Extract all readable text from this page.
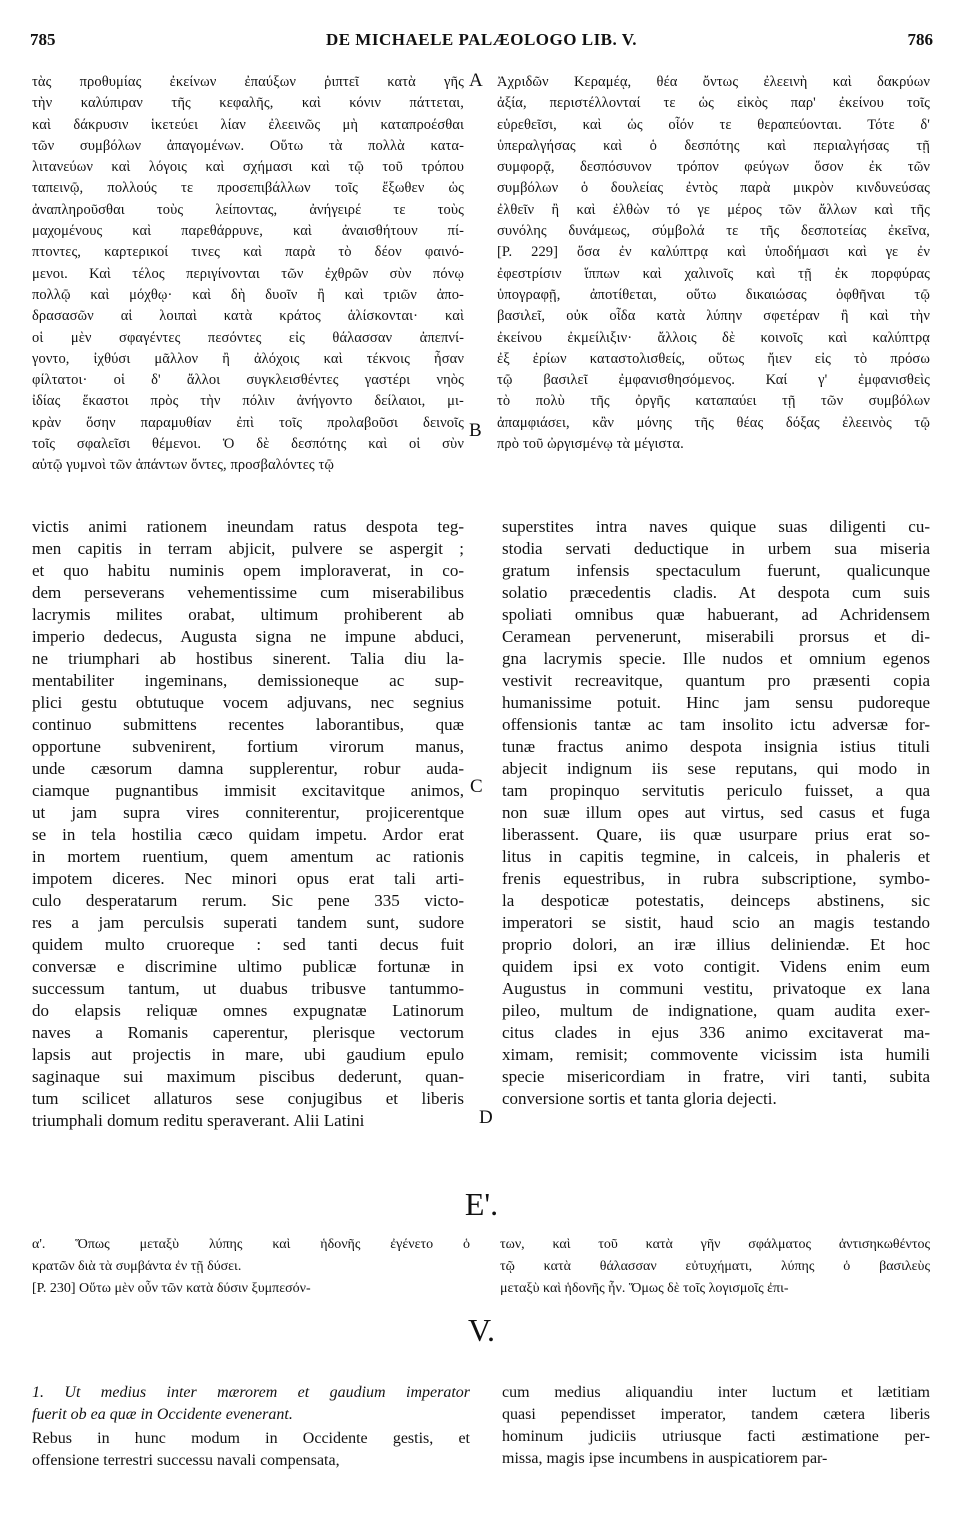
785	DE MICHAELE PALÆOLOGO LIB. V.	786
τὰς προθυμίας ἐκείνων ἐπαύξων ῥιπτεῖ κατὰ γῆς
τὴν καλύπιραν τῆς κεφαλῆς, καὶ κόνιν πάττεται,
καὶ δάκρυσιν ἱκετεύει λίαν ἐλεεινῶς μὴ καταπροέσθαι
τῶν συμβόλων ἀπαγομένων. Οὕτω τὰ πολλὰ κατα-
λιτανεύων καὶ λόγοις καὶ σχήμασι καὶ τῷ τοῦ τρόπου
ταπεινῷ, πολλούς τε προσεπιβάλλων τοῖς ἔξωθεν ὡς
ἀναπληροῦσθαι τοὺς λείποντας, ἀνήγειρέ τε τοὺς
μαχομένους καὶ παρεθάρρυνε, καὶ ἀναισθήτουν πί-
πτοντες, καρτερικοί τινες καὶ παρὰ τὸ δέον φαινό-
μενοι. Καὶ τέλος περιγίνονται τῶν ἐχθρῶν σὺν πόνῳ
πολλῷ καὶ μόχθῳ· καὶ δὴ δυοῖν ἢ καὶ τριῶν ἀπο-
δρασασῶν αἱ λοιπαὶ κατὰ κράτος ἁλίσκονται· καὶ
οἱ μὲν σφαγέντες πεσόντες εἰς θάλασσαν ἀπεπνί-
γοντο, ἰχθύσι μᾶλλον ἢ ἀλόχοις καὶ τέκνοις ἦσαν
φίλτατοι· οἱ δ' ἄλλοι συγκλεισθέντες γαστέρι νηὸς
ἰδίας ἕκαστοι πρὸς τὴν πόλιν ἀνήγοντο δείλαιοι, μι-
κρὰν ὅσην παραμυθίαν ἐπὶ τοῖς προλαβοῦσι δεινοῖς
τοῖς σφαλεῖσι θέμενοι. Ὁ δὲ δεσπότης καὶ οἱ σὺν
αὐτῷ γυμνοὶ τῶν ἁπάντων ὄντες, προσβαλόντες τῷ
Ἀχριδῶν Κεραμέᾳ, θέα ὄντως ἐλεεινὴ καὶ δακρύων
ἀξία, περιστέλλονταί τε ὡς εἰκὸς παρ' ἐκείνου τοῖς
εὑρεθεῖσι, καὶ ὡς οἷόν τε θεραπεύονται. Τότε δ'
ὑπεραλγήσας καὶ ὁ δεσπότης καὶ περιαλγήσας τῇ
συμφορᾷ, δεσπόσυνον τρόπον φεύγων ὅσον ἐκ τῶν
συμβόλων ὁ δουλείας ἐντὸς παρὰ μικρὸν κινδυνεύσας
ἐλθεῖν ἢ καὶ ἐλθὼν τό γε μέρος τῶν ἄλλων καὶ τῆς
συνόλης δυνάμεως, σύμβολά τε τῆς δεσποτείας ἐκεῖνα,
[P. 229] ὅσα ἐν καλύπτρᾳ καὶ ὑποδήμασι καὶ γε ἐν
ἐφεστρίσιν ἵππων καὶ χαλινοῖς καὶ τῇ ἐκ πορφύρας
ὑπογραφῇ, ἀποτίθεται, οὕτω δικαιώσας ὀφθῆναι τῷ
βασιλεῖ, οὐκ οἶδα κατὰ λύπην σφετέραν ἢ καὶ τὴν
ἐκείνου ἐκμείλιξιν· ἄλλοις δὲ κοινοῖς καὶ καλύπτρᾳ
ἐξ ἐρίων καταστολισθείς, οὕτως ἤιεν εἰς τὸ πρόσω
τῷ βασιλεῖ ἐμφανισθησόμενος. Καί γ' ἐμφανισθεὶς
τὸ πολὺ τῆς ὀργῆς καταπαύει τῇ τῶν συμβόλων
ἀπαμφιάσει, κἂν μόνης τῆς θέας δόξας ἐλεεινὸς τῷ
πρὸ τοῦ ὠργισμένῳ τὰ μέγιστα.
A
B
victis animi rationem ineundam ratus despota teg-
men capitis in terram abjicit, pulvere se aspergit ;
et quo habitu numinis opem imploraverat, in co-
dem perseverans vehementissime cum miserabilibus
lacrymis milites orabat, ultimum prohiberent ab
imperio dedecus, Augusta signa ne impune abduci,
ne triumphari ab hostibus sinerent. Talia diu la-
mentabiliter ingeminans, demissioneque ac sup-
plici gestu obtutuque vocem adjuvans, nec segnius
continuo submittens recentes laborantibus, quæ
opportune subvenirent, fortium virorum manus,
unde cæsorum damna supplerentur, robur auda-
ciamque pugnantibus immisit excitavitque animos,
ut jam supra vires conniterentur, projicerentque
se in tela hostilia cæco quidam impetu. Ardor erat
in mortem ruentium, quem amentum ac rationis
impotem diceres. Nec minori opus erat tali arti-
culo desperatarum rerum. Sic pene 335 victo-
res a jam perculsis superati tandem sunt, sudore
quidem multo cruoreque : sed tanti decus fuit
conversæ e discrimine ultimo publicæ fortunæ in
successum tantum, ut duabus tribusve tantummo-
do elapsis reliquæ omnes expugnatæ Latinorum
naves a Romanis caperentur, plerisque vectorum
lapsis aut projectis in mare, ubi gaudium epulo
saginaque sui maximum piscibus dederunt, quan-
tum scilicet allaturos sese conjugibus et liberis
triumphali domum reditu speraverant. Alii Latini
superstites intra naves quique suas diligenti cu-
stodia servati deductique in urbem sua miseria
gratum infensis spectaculum fuerunt, qualicunque
solatio præcedentis cladis. At despota cum suis
spoliati omnibus quæ habuerant, ad Achridensem
Ceramean pervenerunt, miserabili prorsus et di-
gna lacrymis specie. Ille nudos et omnium egenos
vestivit recreavitque, quantum pro præsenti copia
humanissime potuit. Hinc jam sensu pudoreque
offensionis tantæ ac tam insolito ictu adversæ for-
tunæ fractus animo despota insignia istius tituli
abjecit indignum iis sese reputans, qui modo in
tam propinquo servitutis periculo fuisset, a qua
non suæ illum opes aut virtus, sed casus et fuga
liberassent. Quare, iis quæ usurpare prius erat so-
litus in capitis tegmine, in calceis, in phaleris et
frenis equestribus, in rubra subscriptione, symbo-
la despoticæ potestatis, deinceps abstinens, sic
imperatori se sistit, haud scio an magis testando
proprio dolori, an iræ illius deliniendæ. Et hoc
quidem ipsi ex voto contigit. Videns enim eum
Augustus in communi vestitu, privatoque ex lana
pileo, multum de indignatione, quam audita exer-
citus clades in ejus 336 animo excitaverat ma-
ximam, remisit; commovente vicissim ista humili
specie misericordiam in fratre, viri tanti, subita
conversione sortis et tanta gloria dejecti.
C
D
E'.
α'. Ὅπως μεταξὺ λύπης καὶ ἡδονῆς ἐγένετο ὁ
κρατῶν διὰ τὰ συμβάντα ἐν τῇ δύσει.
[P. 230] Οὕτω μὲν οὖν τῶν κατὰ δύσιν ξυμπεσόν-
των, καὶ τοῦ κατὰ γῆν σφάλματος ἀντισηκωθέντος
τῷ κατὰ θάλασσαν εὐτυχήματι, λύπης ὁ βασιλεὺς
μεταξὺ καὶ ἡδονῆς ἦν. Ὅμως δὲ τοῖς λογισμοῖς ἐπι-
V.
1. Ut medius inter mærorem et gaudium imperator
fuerit ob ea quæ in Occidente evenerant.
Rebus in hunc modum in Occidente gestis, et
offensione terrestri successu navali compensata,
cum medius aliquandiu inter luctum et lætitiam
quasi pependisset imperator, tandem cætera liberis
hominum judiciis utriusque facti æstimatione per-
missa, magis ipse incumbens in auspicatiorem par-
